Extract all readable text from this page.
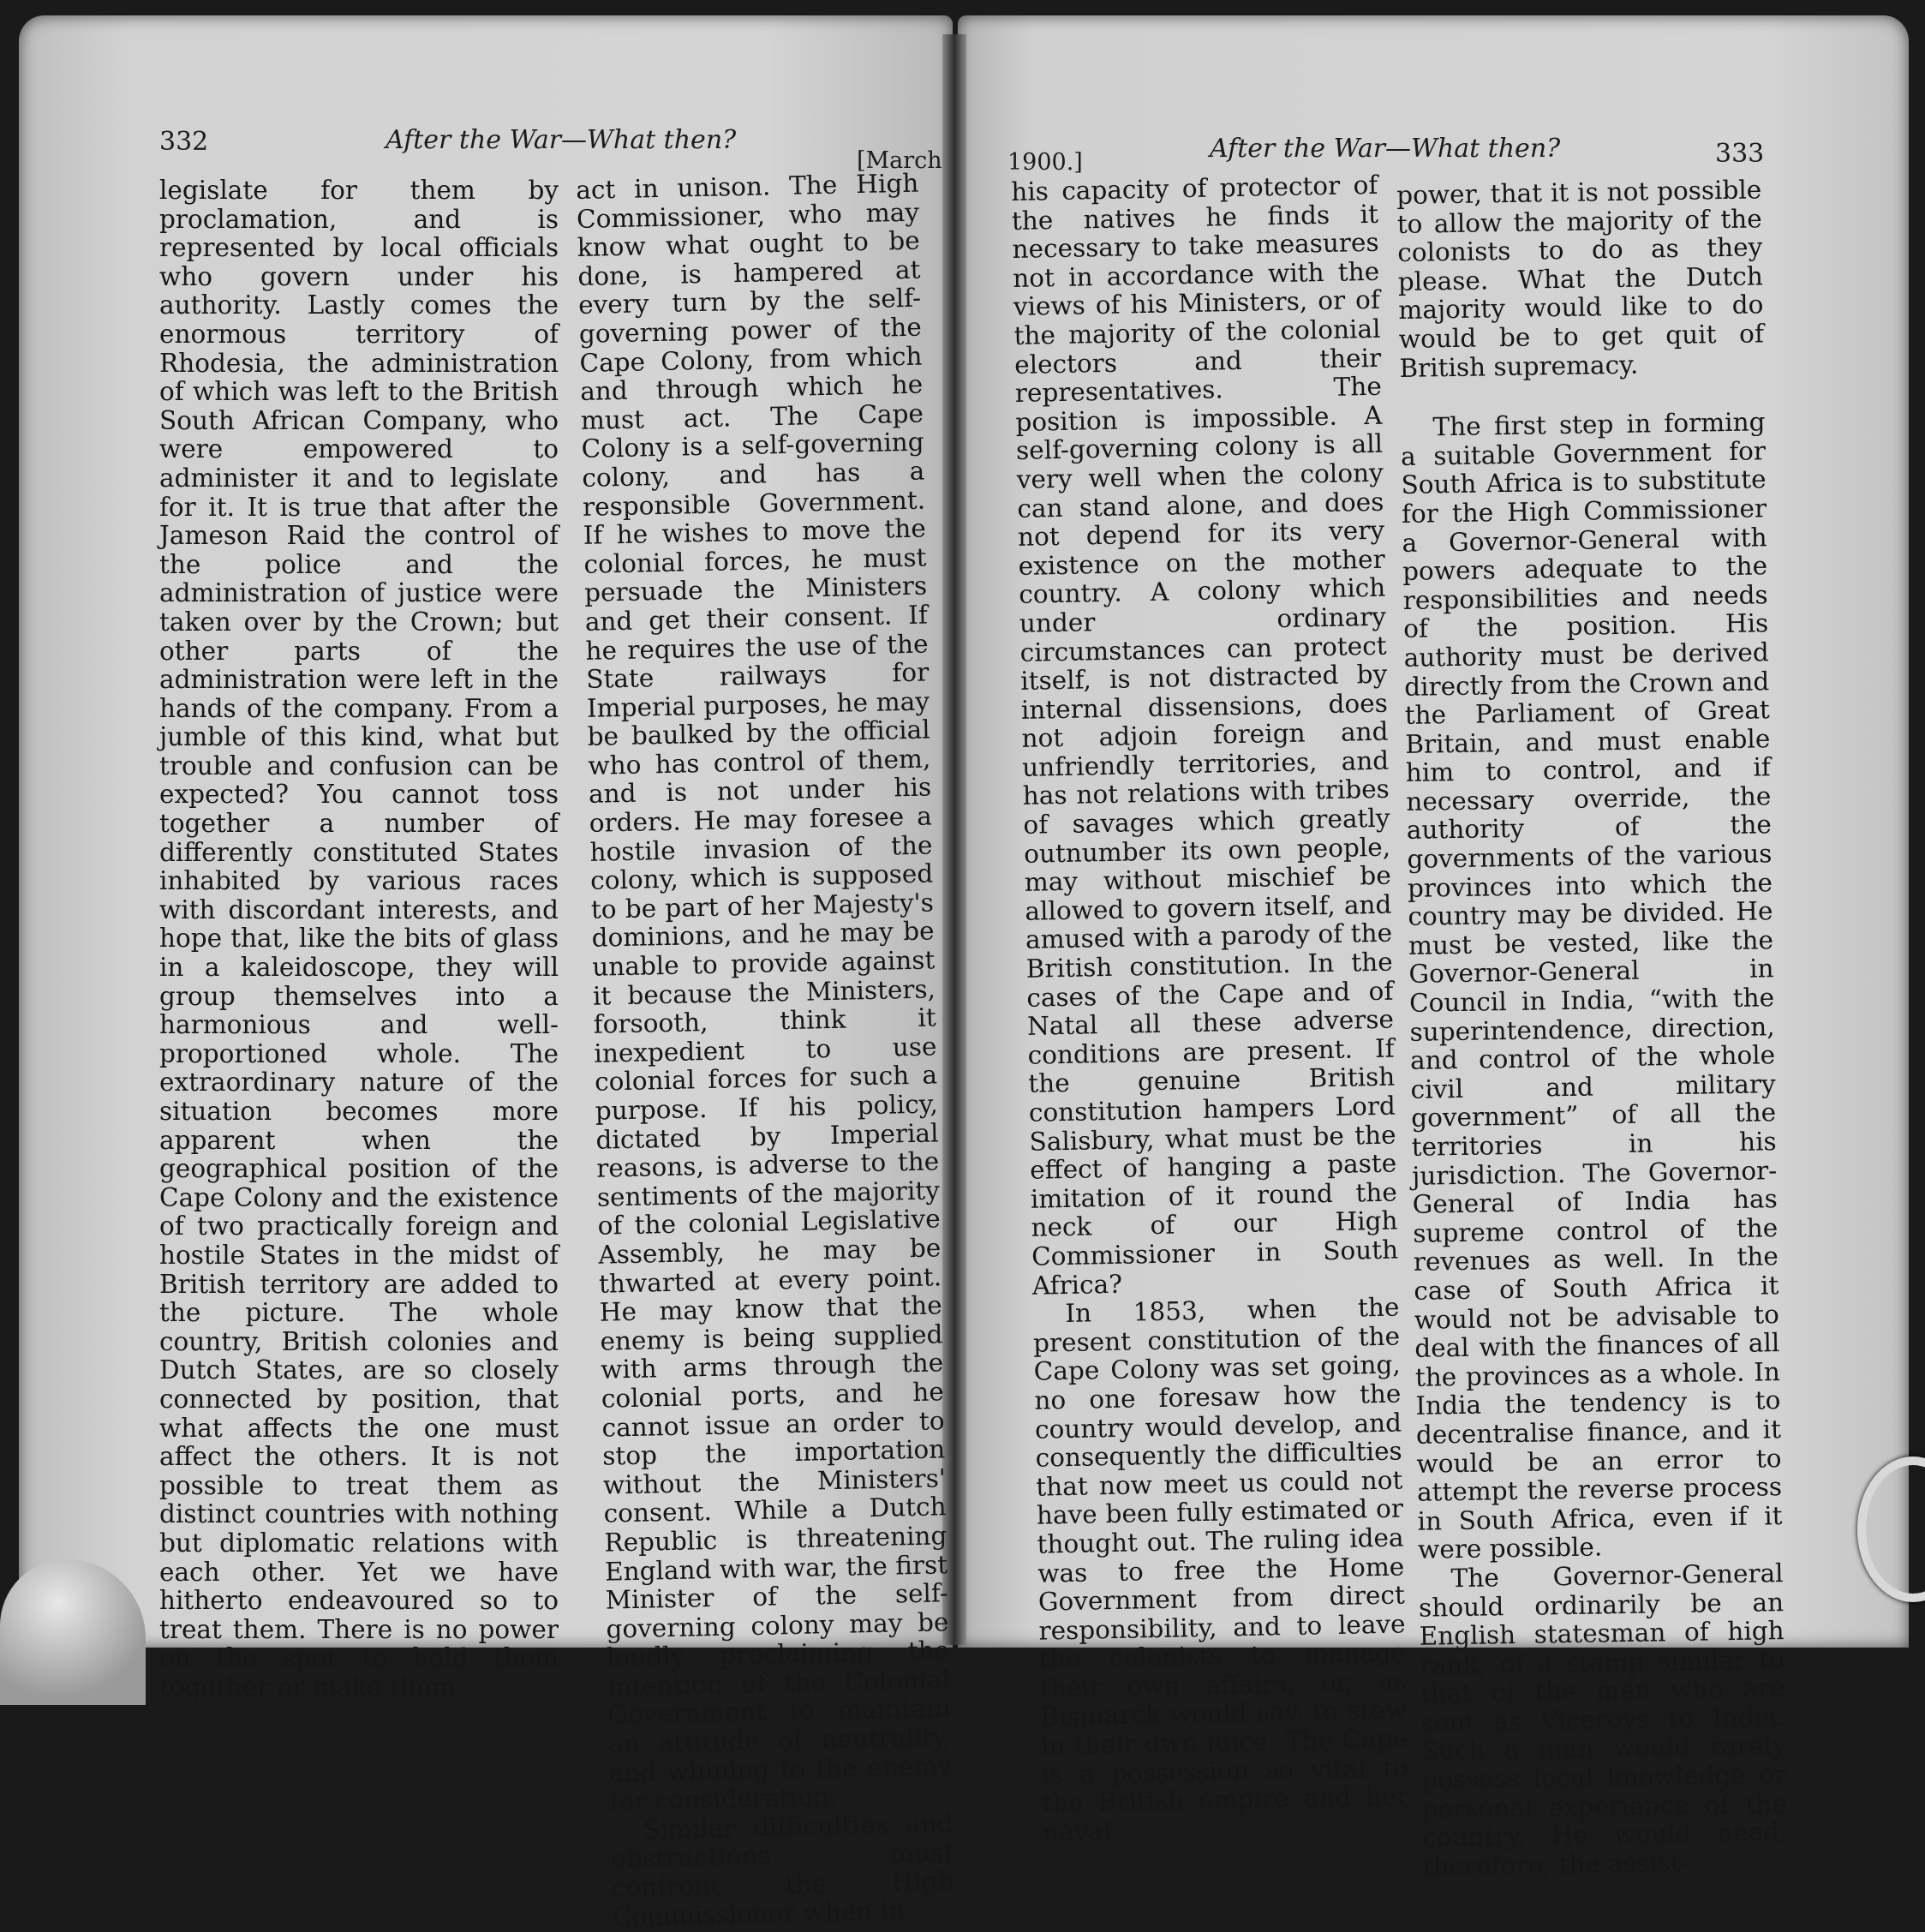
332	After the War—What then?
[March	1900.]	After the War—What then?	333

legislate for them by proclamation, and is represented by local officials who govern under his authority. Lastly comes the enormous territory of Rhodesia, the administration of which was left to the British South African Company, who were empowered to administer it and to legislate for it. It is true that after the Jameson Raid the control of the police and the administration of justice were taken over by the Crown; but other parts of the administration were left in the hands of the company. From a jumble of this kind, what but trouble and confusion can be expected? You cannot toss together a number of differently constituted States inhabited by various races with discordant interests, and hope that, like the bits of glass in a kaleidoscope, they will group themselves into a harmonious and well-proportioned whole. The extraordinary nature of the situation becomes more apparent when the geographical position of the Cape Colony and the existence of two practically foreign and hostile States in the midst of British territory are added to the picture. The whole country, British colonies and Dutch States, are so closely connected by position, that what affects the one must affect the others. It is not possible to treat them as distinct countries with nothing but diplomatic relations with each other. Yet we have hitherto endeavoured so to treat them. There is no power on the spot to hold them together or make them

act in unison. The High Commissioner, who may know what ought to be done, is hampered at every turn by the self-governing power of the Cape Colony, from which and through which he must act. The Cape Colony is a self-governing colony, and has a responsible Government. If he wishes to move the colonial forces, he must persuade the Ministers and get their consent. If he requires the use of the State railways for Imperial purposes, he may be baulked by the official who has control of them, and is not under his orders. He may foresee a hostile invasion of the colony, which is supposed to be part of her Majesty's dominions, and he may be unable to provide against it because the Ministers, forsooth, think it inexpedient to use colonial forces for such a purpose. If his policy, dictated by Imperial reasons, is adverse to the sentiments of the majority of the colonial Legislative Assembly, he may be thwarted at every point. He may know that the enemy is being supplied with arms through the colonial ports, and he cannot issue an order to stop the importation without the Ministers' consent. While a Dutch Republic is threatening England with war, the first Minister of the self-governing colony may be loudly proclaiming the intention of the Colonial Government to maintain an attitude of neutrality, and whining to the enemy for consideration.

Similar difficulties and obstructions must confront the High Commissioner when in

his capacity of protector of the natives he finds it necessary to take measures not in accordance with the views of his Ministers, or of the majority of the colonial electors and their representatives. The position is impossible. A self-governing colony is all very well when the colony can stand alone, and does not depend for its very existence on the mother country. A colony which under ordinary circumstances can protect itself, is not distracted by internal dissensions, does not adjoin foreign and unfriendly territories, and has not relations with tribes of savages which greatly outnumber its own people, may without mischief be allowed to govern itself, and amused with a parody of the British constitution. In the cases of the Cape and of Natal all these adverse conditions are present. If the genuine British constitution hampers Lord Salisbury, what must be the effect of hanging a paste imitation of it round the neck of our High Commissioner in South Africa?

In 1853, when the present constitution of the Cape Colony was set going, no one foresaw how the country would develop, and consequently the difficulties that now meet us could not have been fully estimated or thought out. The ruling idea was to free the Home Government from direct responsibility, and to leave the colonists to manage their own affairs, or, as Bismarck would say, to stew in their own juice. The Cape is a possession so vital to the British empire and her naval

power, that it is not possible to allow the majority of the colonists to do as they please. What the Dutch majority would like to do would be to get quit of British supremacy.

The first step in forming a suitable Government for South Africa is to substitute for the High Commissioner a Governor-General with powers adequate to the responsibilities and needs of the position. His authority must be derived directly from the Crown and the Parliament of Great Britain, and must enable him to control, and if necessary override, the authority of the governments of the various provinces into which the country may be divided. He must be vested, like the Governor-General in Council in India, “with the superintendence, direction, and control of the whole civil and military government” of all the territories in his jurisdiction. The Governor-General of India has supreme control of the revenues as well. In the case of South Africa it would not be advisable to deal with the finances of all the provinces as a whole. In India the tendency is to decentralise finance, and it would be an error to attempt the reverse process in South Africa, even if it were possible.

The Governor-General should ordinarily be an English statesman of high rank, of a stamp similar to that of the men who are sent as Viceroys to India. Such a man would rarely possess local knowledge or personal experience of the country. He would need, therefore, the assist-
